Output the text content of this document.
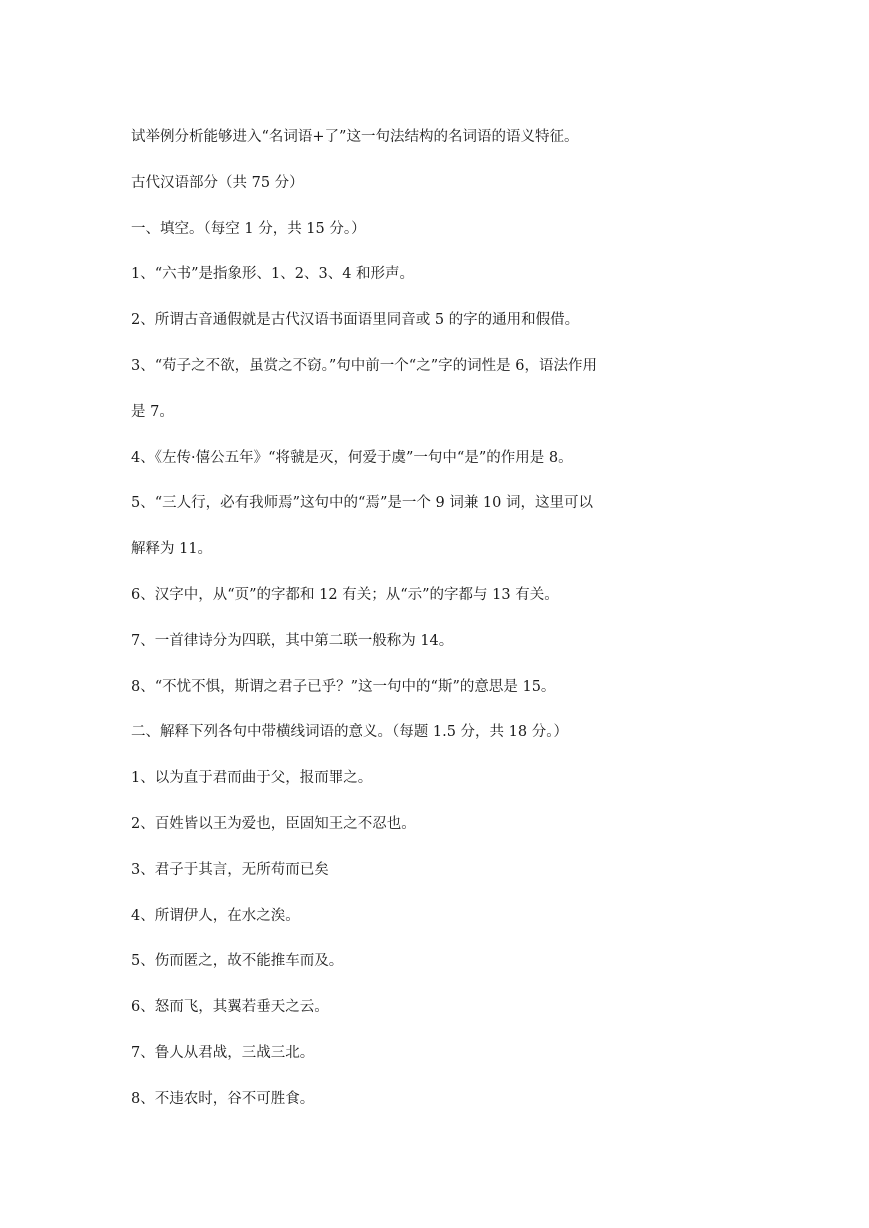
试举例分析能够进入“名词语+了”这一句法结构的名词语的语义特征。
古代汉语部分（共 75 分）
一、填空。（每空 1 分，共 15 分。）
1、“六书”是指象形、1、2、3、4 和形声。
2、所谓古音通假就是古代汉语书面语里同音或 5 的字的通用和假借。
3、“苟子之不欲，虽赏之不窃。”句中前一个“之”字的词性是 6，语法作用
是 7。
4、《左传·僖公五年》“将虢是灭，何爱于虞”一句中“是”的作用是 8。
5、“三人行，必有我师焉”这句中的“焉”是一个 9 词兼 10 词，这里可以
解释为 11。
6、汉字中，从“页”的字都和 12 有关；从“示”的字都与 13 有关。
7、一首律诗分为四联，其中第二联一般称为 14。
8、“不忧不惧，斯谓之君子已乎？”这一句中的“斯”的意思是 15。
二、解释下列各句中带横线词语的意义。（每题 1.5 分，共 18 分。）
1、以为直于君而曲于父，报而罪之。
2、百姓皆以王为爱也，臣固知王之不忍也。
3、君子于其言，无所苟而已矣
4、所谓伊人，在水之涘。
5、伤而匿之，故不能推车而及。
6、怒而飞，其翼若垂天之云。
7、鲁人从君战，三战三北。
8、不违农时，谷不可胜食。
